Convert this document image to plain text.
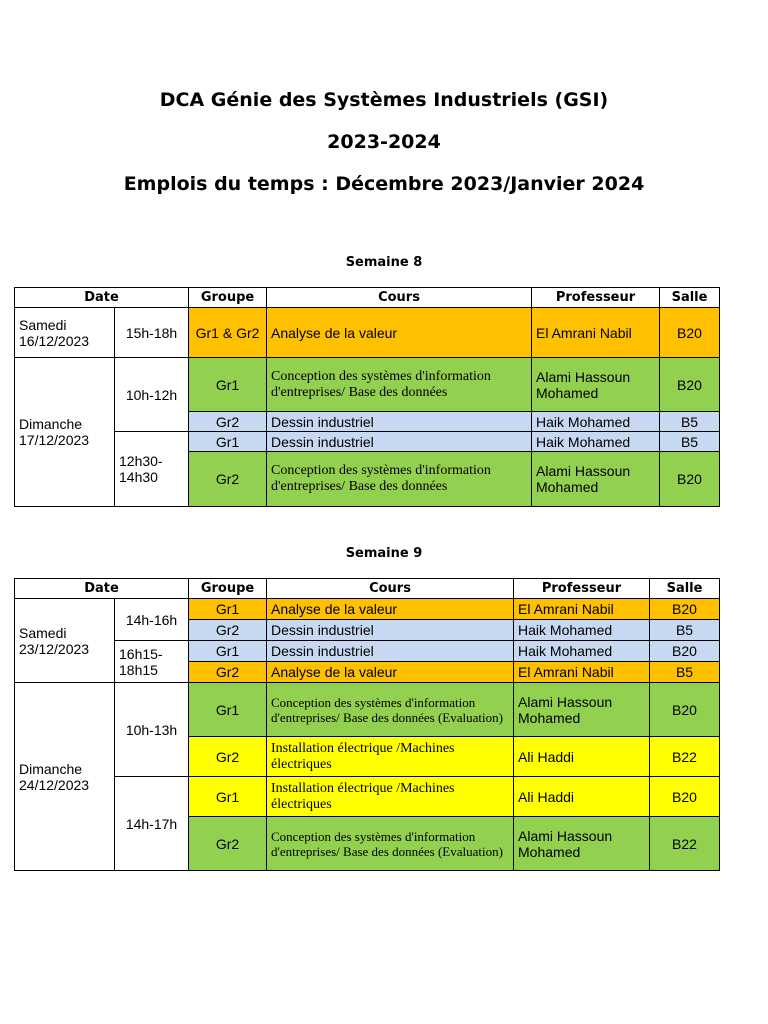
DCA Génie des Systèmes Industriels (GSI)
2023-2024
Emplois du temps : Décembre 2023/Janvier 2024
Semaine 8
Date		Groupe	Cours	Professeur	Salle
Samedi 16/12/2023	15h-18h	Gr1 & Gr2	Analyse de la valeur	El Amrani Nabil	B20
Dimanche 17/12/2023	10h-12h	Gr1	Conception des systèmes d'information d'entreprises/ Base des données	Alami Hassoun Mohamed	B20
		Gr2	Dessin industriel	Haik Mohamed	B5
	12h30-14h30	Gr1	Dessin industriel	Haik Mohamed	B5
		Gr2	Conception des systèmes d'information d'entreprises/ Base des données	Alami Hassoun Mohamed	B20
Semaine 9
Date		Groupe	Cours	Professeur	Salle
Samedi 23/12/2023	14h-16h	Gr1	Analyse de la valeur	El Amrani Nabil	B20
		Gr2	Dessin industriel	Haik Mohamed	B5
	16h15-18h15	Gr1	Dessin industriel	Haik Mohamed	B20
		Gr2	Analyse de la valeur	El Amrani Nabil	B5
Dimanche 24/12/2023	10h-13h	Gr1	Conception des systèmes d'information d'entreprises/ Base des données (Evaluation)	Alami Hassoun Mohamed	B20
		Gr2	Installation électrique /Machines électriques	Ali Haddi	B22
	14h-17h	Gr1	Installation électrique /Machines électriques	Ali Haddi	B20
		Gr2	Conception des systèmes d'information d'entreprises/ Base des données (Evaluation)	Alami Hassoun Mohamed	B22
